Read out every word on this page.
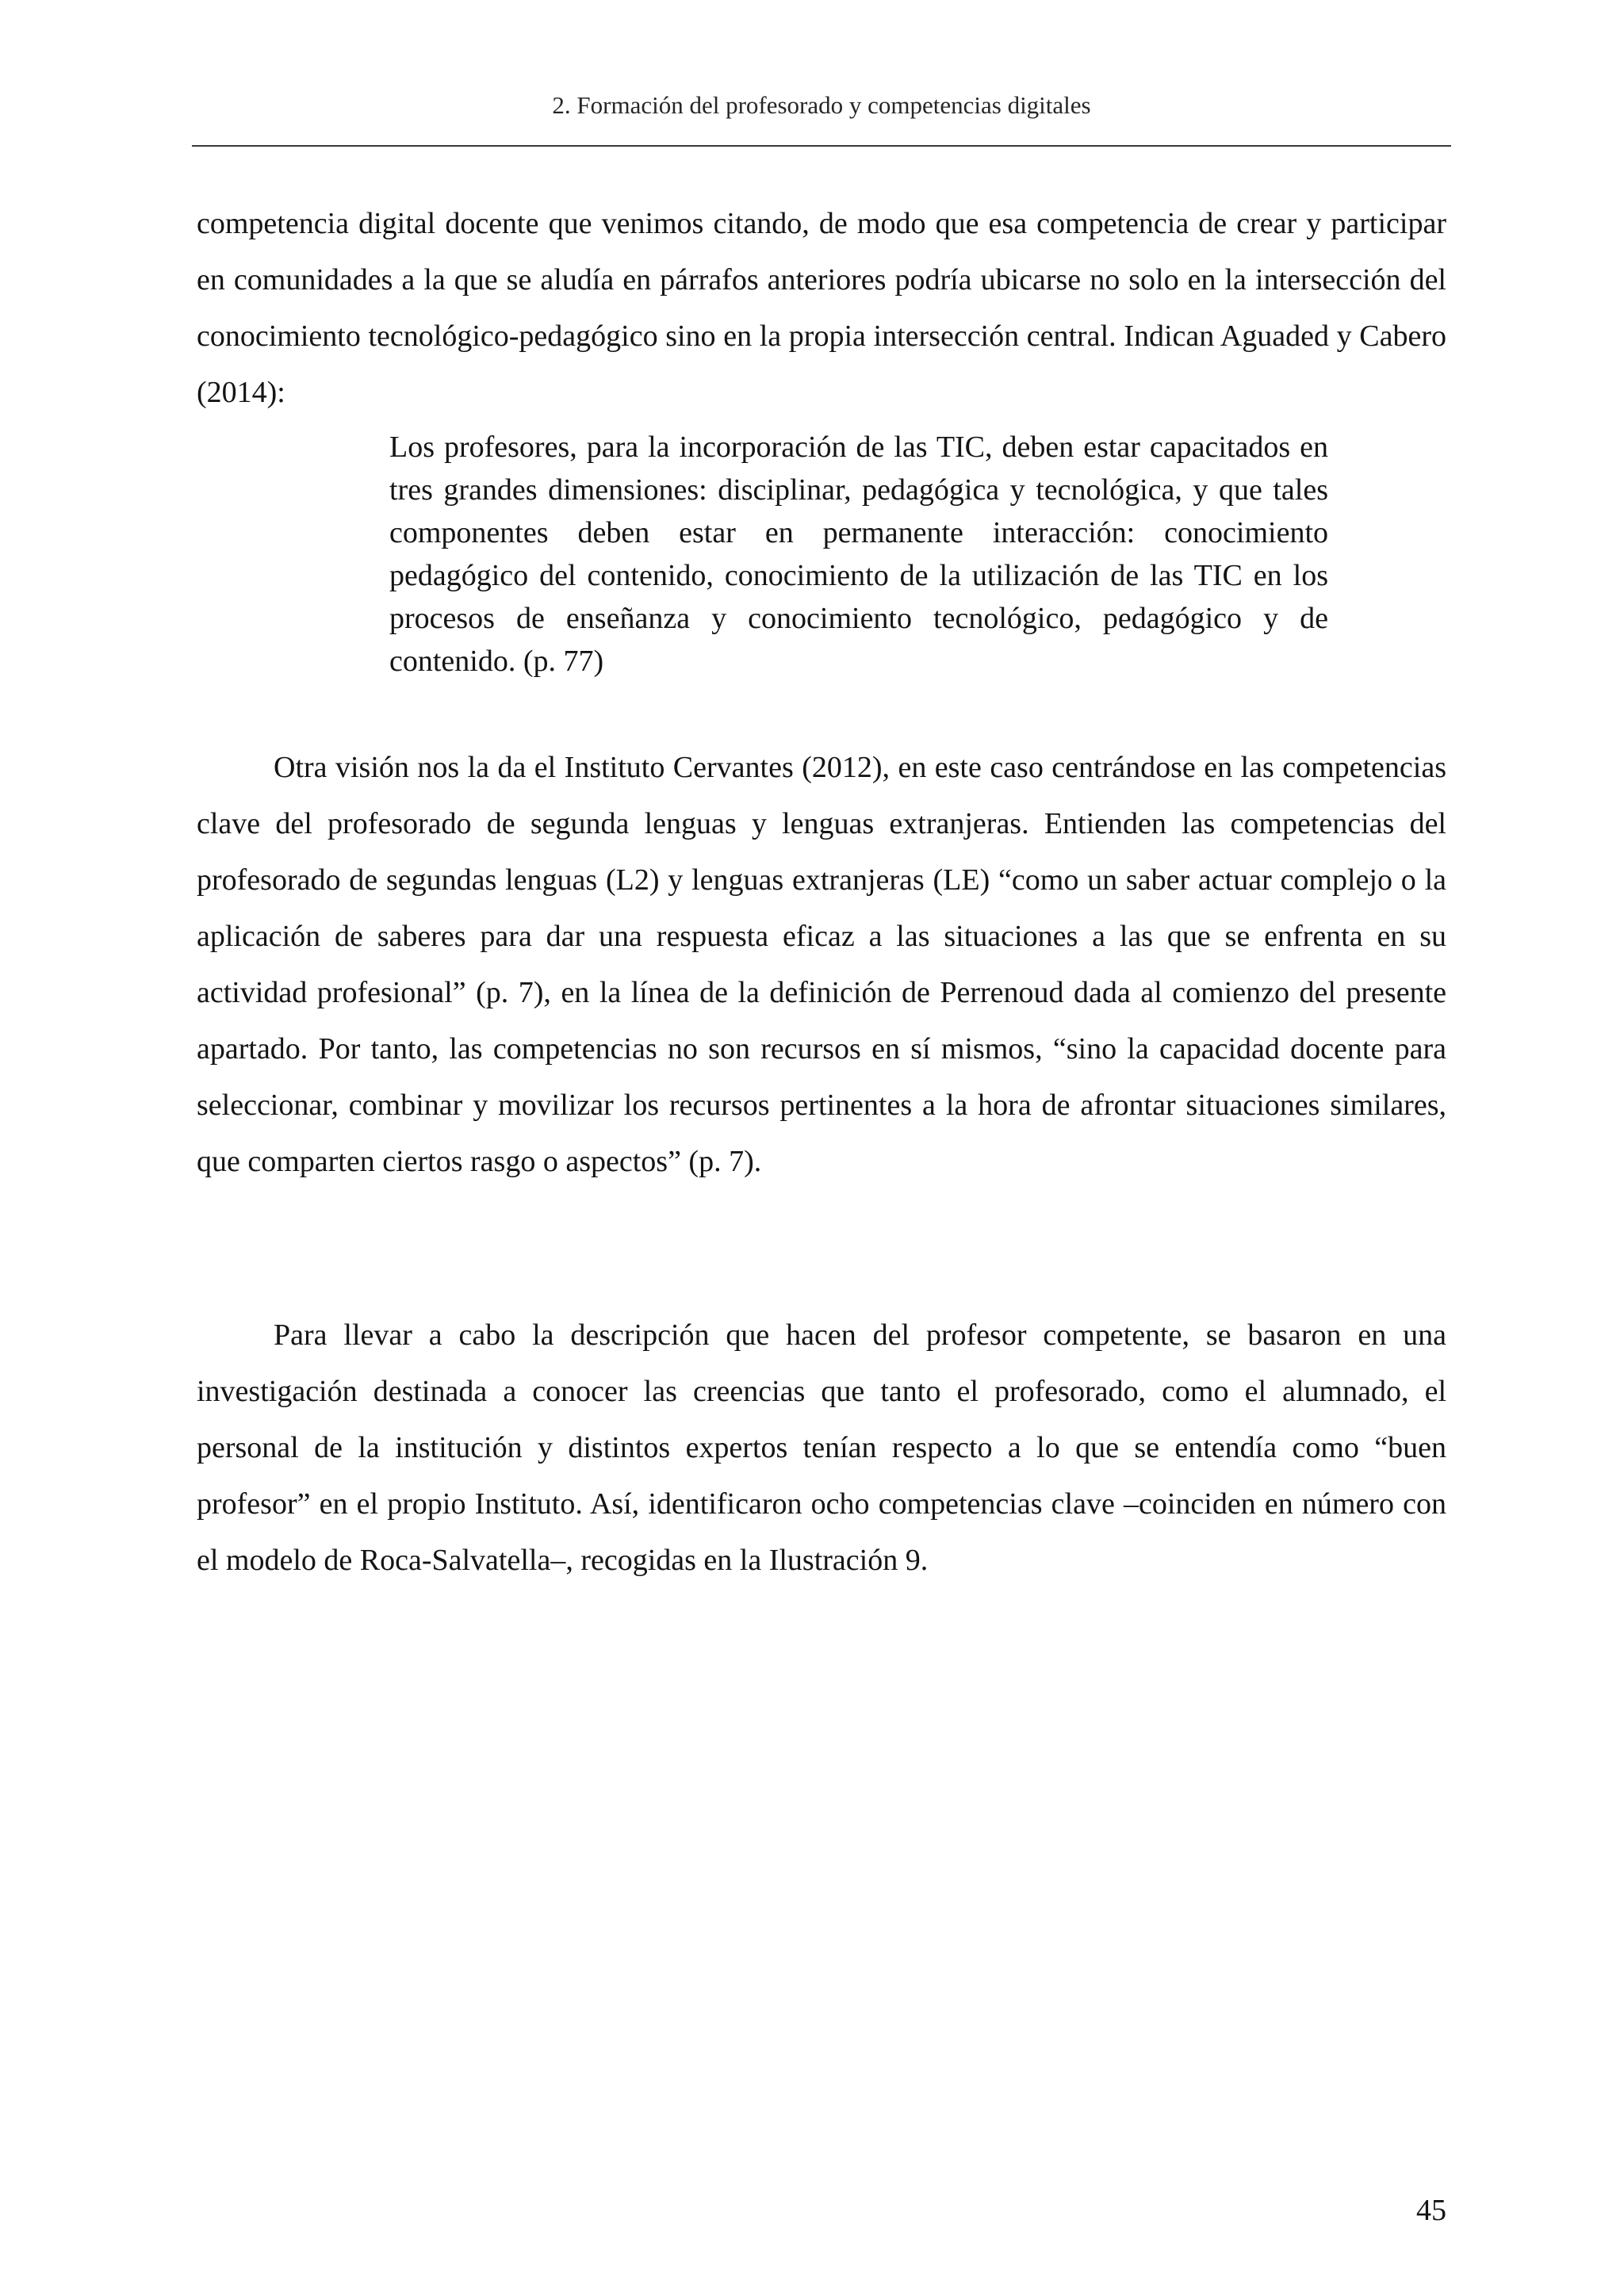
2. Formación del profesorado y competencias digitales

competencia digital docente que venimos citando, de modo que esa competencia de crear y participar en comunidades a la que se aludía en párrafos anteriores podría ubicarse no solo en la intersección del conocimiento tecnológico-pedagógico sino en la propia intersección central. Indican Aguaded y Cabero (2014):

Los profesores, para la incorporación de las TIC, deben estar capacitados en tres grandes dimensiones: disciplinar, pedagógica y tecnológica, y que tales componentes deben estar en permanente interacción: conocimiento pedagógico del contenido, conocimiento de la utilización de las TIC en los procesos de enseñanza y conocimiento tecnológico, pedagógico y de contenido. (p. 77)

Otra visión nos la da el Instituto Cervantes (2012), en este caso centrándose en las competencias clave del profesorado de segunda lenguas y lenguas extranjeras. Entienden las competencias del profesorado de segundas lenguas (L2) y lenguas extranjeras (LE) “como un saber actuar complejo o la aplicación de saberes para dar una respuesta eficaz a las situaciones a las que se enfrenta en su actividad profesional” (p. 7), en la línea de la definición de Perrenoud dada al comienzo del presente apartado. Por tanto, las competencias no son recursos en sí mismos, “sino la capacidad docente para seleccionar, combinar y movilizar los recursos pertinentes a la hora de afrontar situaciones similares, que comparten ciertos rasgo o aspectos” (p. 7).

Para llevar a cabo la descripción que hacen del profesor competente, se basaron en una investigación destinada a conocer las creencias que tanto el profesorado, como el alumnado, el personal de la institución y distintos expertos tenían respecto a lo que se entendía como “buen profesor” en el propio Instituto. Así, identificaron ocho competencias clave –coinciden en número con el modelo de Roca-Salvatella–, recogidas en la Ilustración 9.

45
